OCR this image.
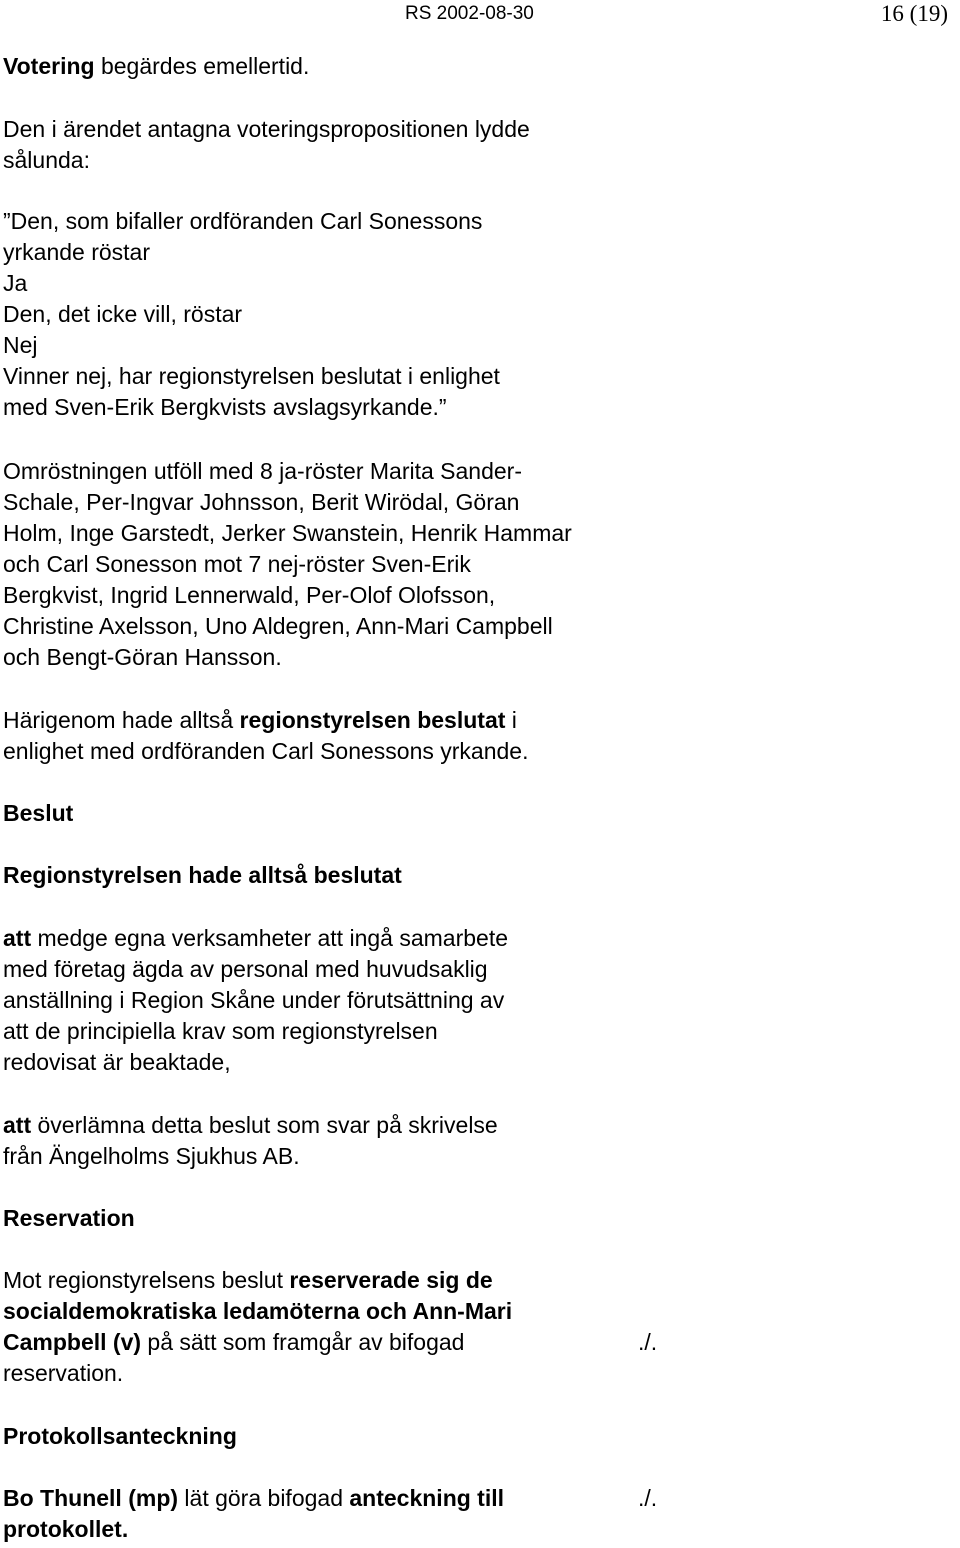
RS 2002-08-30	16 (19)

Votering begärdes emellertid.

Den i ärendet antagna voteringspropositionen lydde
sålunda:

”Den, som bifaller ordföranden Carl Sonessons
yrkande röstar
Ja
Den, det icke vill, röstar
Nej
Vinner nej, har regionstyrelsen beslutat i enlighet
med Sven-Erik Bergkvists avslagsyrkande.”

Omröstningen utföll med 8 ja-röster Marita Sander-
Schale, Per-Ingvar Johnsson, Berit Wirödal, Göran
Holm, Inge Garstedt, Jerker Swanstein, Henrik Hammar
och Carl Sonesson mot 7 nej-röster Sven-Erik
Bergkvist, Ingrid Lennerwald, Per-Olof Olofsson,
Christine Axelsson, Uno Aldegren, Ann-Mari Campbell
och Bengt-Göran Hansson.

Härigenom hade alltså regionstyrelsen beslutat i
enlighet med ordföranden Carl Sonessons yrkande.

Beslut

Regionstyrelsen hade alltså beslutat

att medge egna verksamheter att ingå samarbete
med företag ägda av personal med huvudsaklig
anställning i Region Skåne under förutsättning av
att de principiella krav som regionstyrelsen
redovisat är beaktade,

att överlämna detta beslut som svar på skrivelse
från Ängelholms Sjukhus AB.

Reservation

Mot regionstyrelsens beslut reserverade sig de
socialdemokratiska ledamöterna och Ann-Mari
Campbell (v) på sätt som framgår av bifogad
reservation.

./.

Protokollsanteckning

Bo Thunell (mp) lät göra bifogad anteckning till
protokollet.

./.
